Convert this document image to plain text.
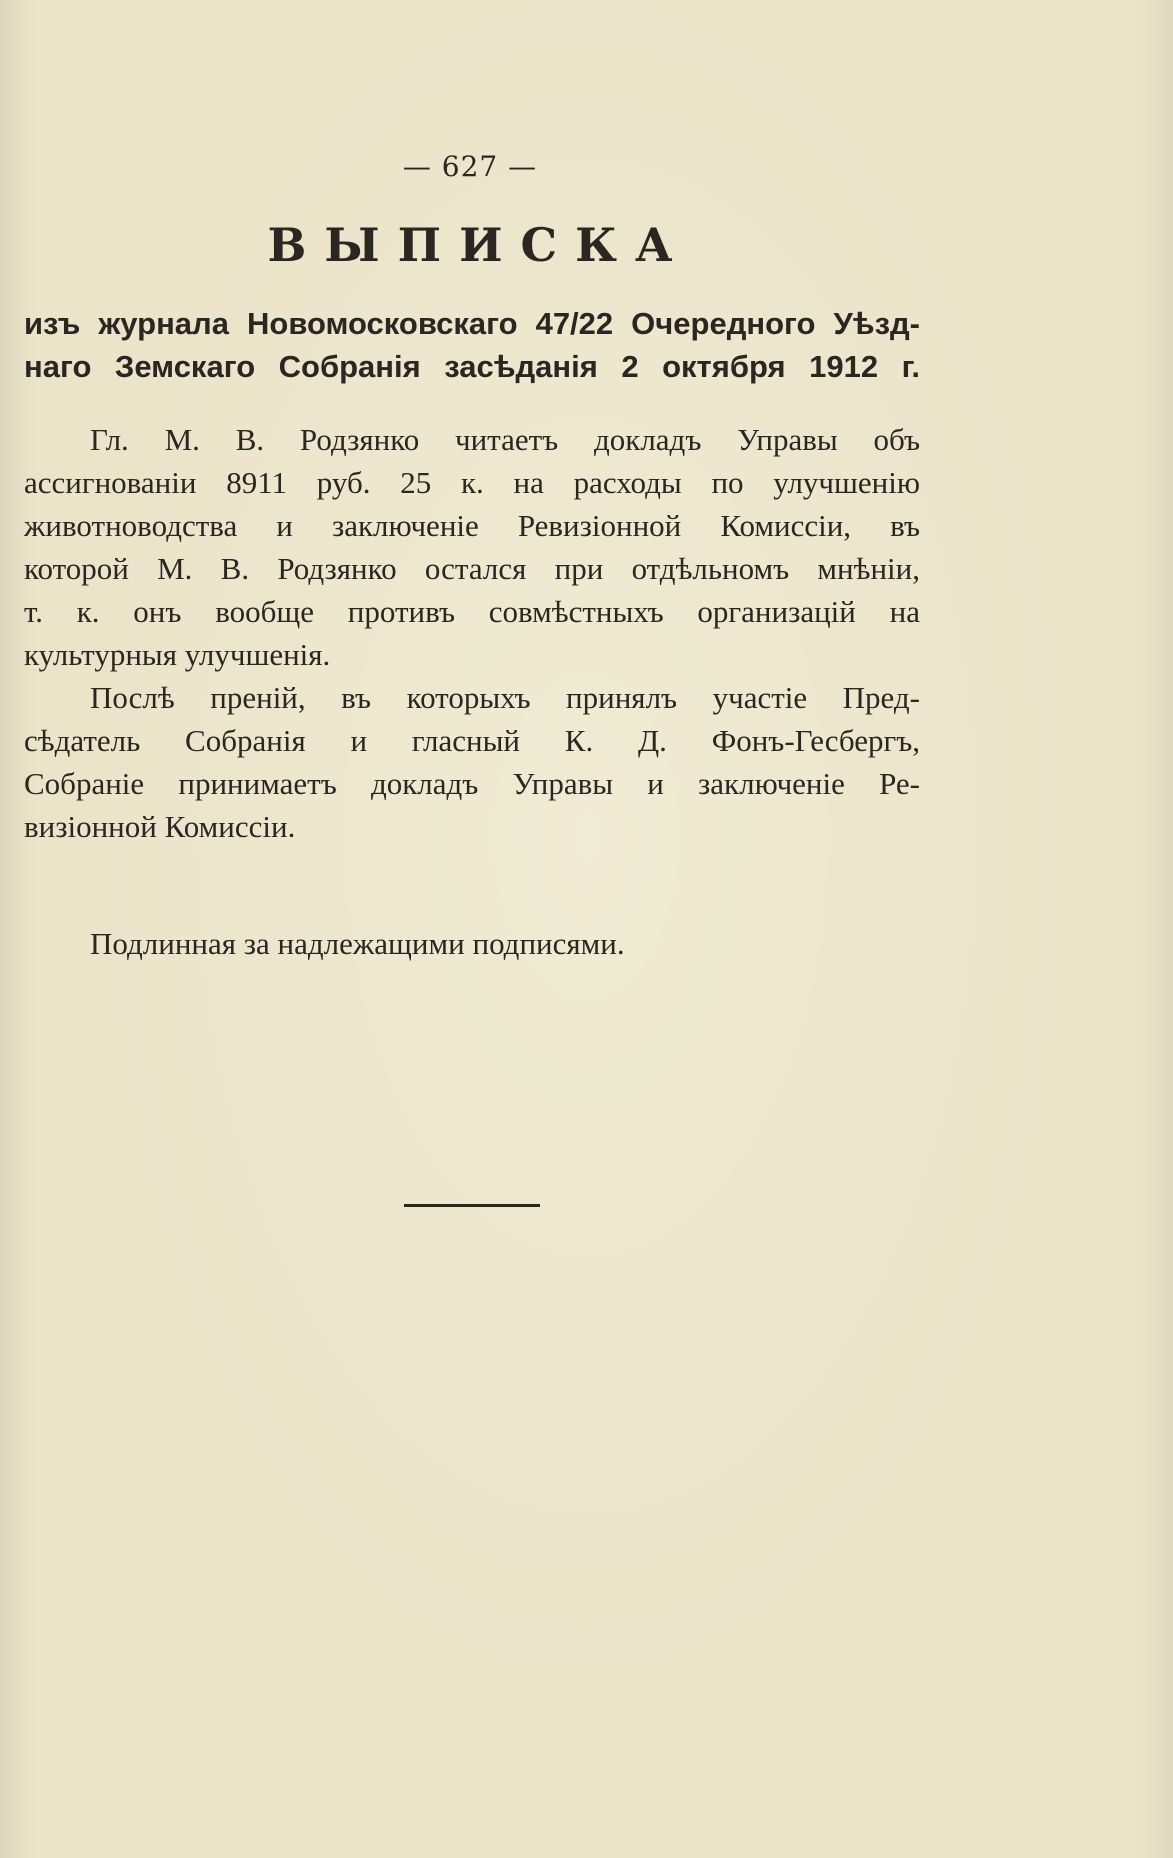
— 627 —
ВЫПИСКА
изъ журнала Новомосковскаго 47/22 Очередного Уѣзд-
наго Земскаго Собранія засѣданія 2 октября 1912 г.
Гл. М. В. Родзянко читаетъ докладъ Управы объ
ассигнованіи 8911 руб. 25 к. на расходы по улучшенію
животноводства и заключеніе Ревизіонной Комиссіи, въ
которой М. В. Родзянко остался при отдѣльномъ мнѣніи,
т. к. онъ вообще противъ совмѣстныхъ организацій на
культурныя улучшенія.
Послѣ преній, въ которыхъ принялъ участіе Пред-
сѣдатель Собранія и гласный К. Д. Фонъ-Гесбергъ,
Собраніе принимаетъ докладъ Управы и заключеніе Ре-
визіонной Комиссіи.
Подлинная за надлежащими подписями.
